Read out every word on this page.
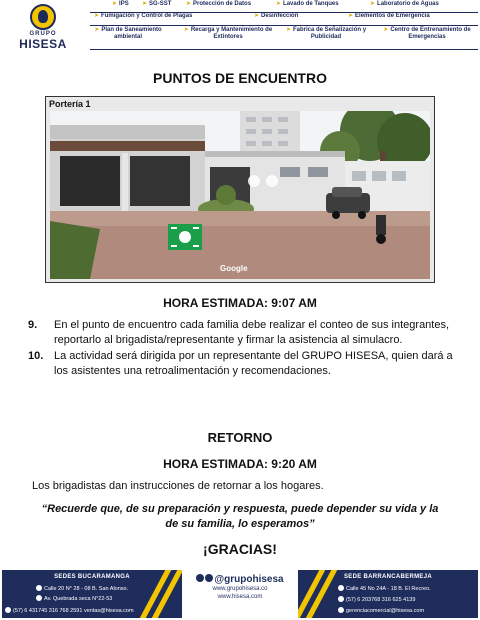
GRUPO
HISESA
➤ IPS ➤ SG-SST ➤ Protección de Datos	➤ Lavado de Tanques	➤ Laboratorio de Aguas
➤ Fumigación y Control de Plagas	➤ Desinfección	➤ Elementos de Emergencia
➤ Plan de Saneamiento ambiental
➤ Recarga y Mantenimiento de Extintores
➤ Fabrica de Señalización y Publicidad
➤ Centro de Entrenamiento de Emergencias
PUNTOS DE ENCUENTRO
Portería 1
Google
HORA ESTIMADA: 9:07 AM
9. En el punto de encuentro cada familia debe realizar el conteo de sus integrantes, reportarlo al brigadista/representante y firmar la asistencia al simulacro.
10. La actividad será dirigida por un representante del GRUPO HISESA, quien dará a los asistentes una retroalimentación y recomendaciones.
RETORNO
HORA ESTIMADA: 9:20 AM
Los brigadistas dan instrucciones de retornar a los hogares.
“Recuerde que, de su preparación y respuesta, puede depender su vida y la de su familia, lo esperamos”
¡GRACIAS!
SEDES BUCARAMANGA
Calle 20 N° 28 - 08 B. San Alonso.
Av. Quebrada seca N°22-53
(57) 6 431745 316 768 2591 ventas@hisesa.com
@grupohisesa
www.grupohisesa.co
www.hisesa.com
SEDE BARRANCABERMEJA
Calle 45 No 24A - 18 B. El Recreo.
(57) 6 203768 316 625 4139
gerenciacomercial@hisesa.com
